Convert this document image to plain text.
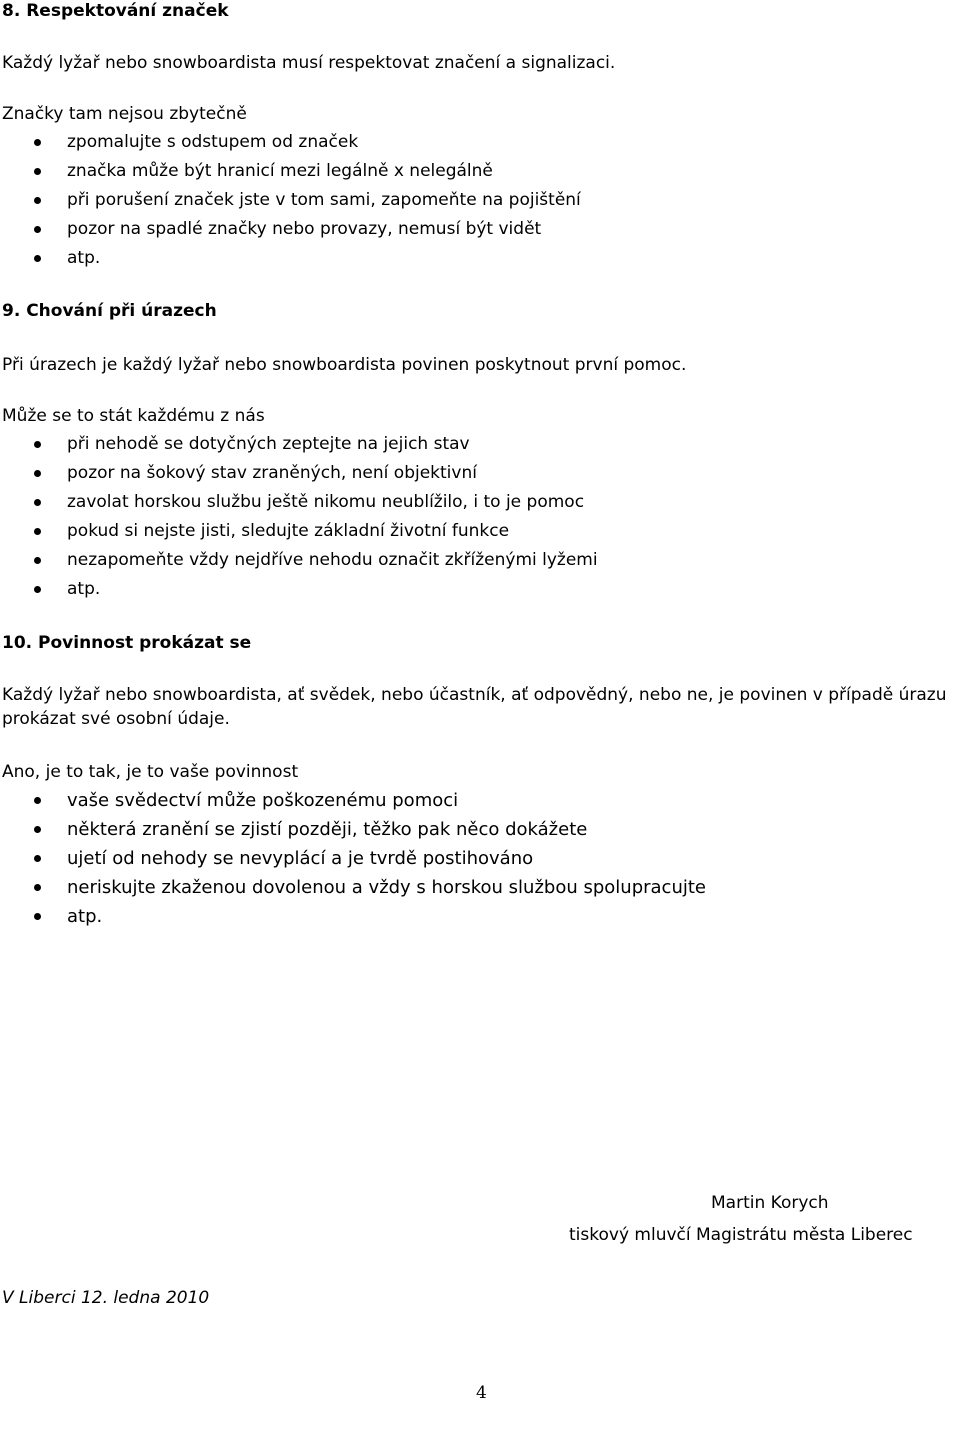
8. Respektování značek
Každý lyžař nebo snowboardista musí respektovat značení a signalizaci.
Značky tam nejsou zbytečně
zpomalujte s odstupem od značek
značka může být hranicí mezi legálně x nelegálně
při porušení značek jste v tom sami, zapomeňte na pojištění
pozor na spadlé značky nebo provazy, nemusí být vidět
atp.
9. Chování při úrazech
Při úrazech je každý lyžař nebo snowboardista povinen poskytnout první pomoc.
Může se to stát každému z nás
při nehodě se dotyčných zeptejte na jejich stav
pozor na šokový stav zraněných, není objektivní
zavolat horskou službu ještě nikomu neublížilo, i to je pomoc
pokud si nejste jisti, sledujte základní životní funkce
nezapomeňte vždy nejdříve nehodu označit zkříženými lyžemi
atp.
10. Povinnost prokázat se
Každý lyžař nebo snowboardista, ať svědek, nebo účastník, ať odpovědný, nebo ne, je povinen v případě úrazu
prokázat své osobní údaje.
Ano, je to tak, je to vaše povinnost
vaše svědectví může poškozenému pomoci
některá zranění se zjistí později, těžko pak něco dokážete
ujetí od nehody se nevyplácí a je tvrdě postihováno
neriskujte zkaženou dovolenou a vždy s horskou službou spolupracujte
atp.
Martin Korych
tiskový mluvčí Magistrátu města Liberec
V Liberci 12. ledna 2010
4
